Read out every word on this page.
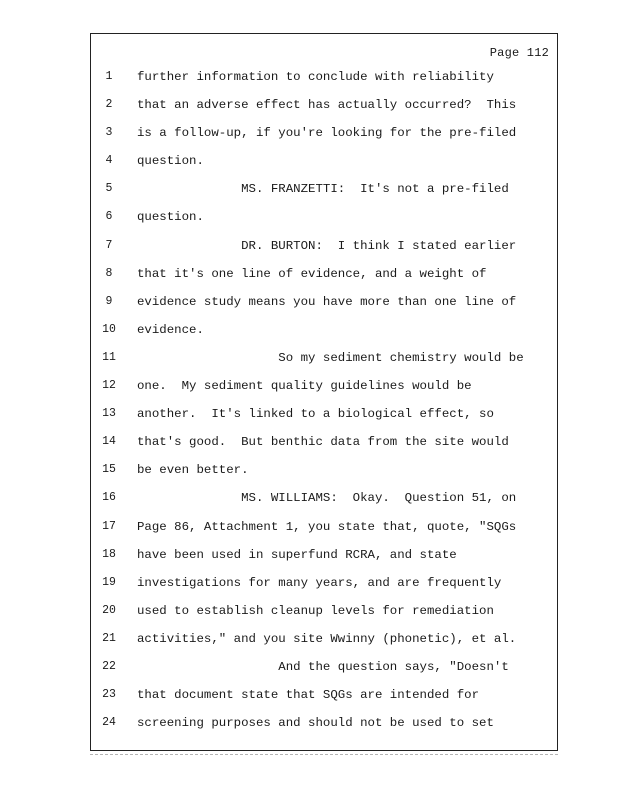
Page 112
1	further information to conclude with reliability
2	that an adverse effect has actually occurred?  This
3	is a follow-up, if you're looking for the pre-filed
4	question.
5	MS. FRANZETTI:  It's not a pre-filed
6	question.
7	DR. BURTON:  I think I stated earlier
8	that it's one line of evidence, and a weight of
9	evidence study means you have more than one line of
10 evidence.
11 So my sediment chemistry would be
12 one.  My sediment quality guidelines would be
13 another.  It's linked to a biological effect, so
14 that's good.  But benthic data from the site would
15 be even better.
16 MS. WILLIAMS:  Okay.  Question 51, on
17 Page 86, Attachment 1, you state that, quote, "SQGs
18 have been used in superfund RCRA, and state
19 investigations for many years, and are frequently
20 used to establish cleanup levels for remediation
21 activities," and you site Wwinny (phonetic), et al.
22 And the question says, "Doesn't
23 that document state that SQGs are intended for
24 screening purposes and should not be used to set
